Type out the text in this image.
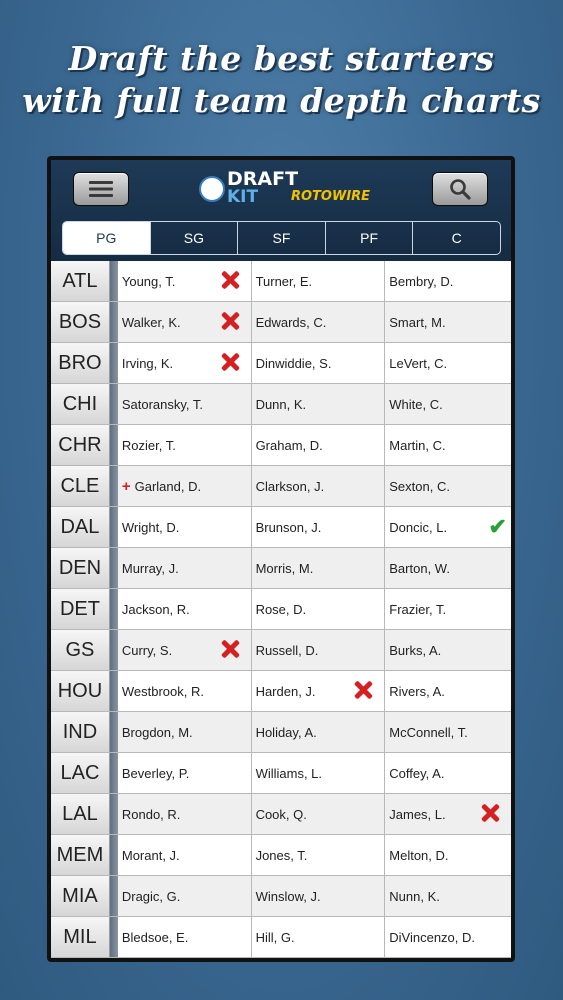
Draft the best starters
with full team depth charts
DRAFT
KIT	ROTOWIRE
PG	SG	SF	PF	C
ATL	Young, T.	Turner, E.	Bembry, D.
BOS	Walker, K.	Edwards, C.	Smart, M.
BRO	Irving, K.	Dinwiddie, S.	LeVert, C.
CHI	Satoransky, T.	Dunn, K.	White, C.
CHR	Rozier, T.	Graham, D.	Martin, C.
CLE	+ Garland, D.	Clarkson, J.	Sexton, C.
DAL	Wright, D.	Brunson, J.	Doncic, L. ✔
DEN	Murray, J.	Morris, M.	Barton, W.
DET	Jackson, R.	Rose, D.	Frazier, T.
GS	Curry, S.	Russell, D.	Burks, A.
HOU	Westbrook, R.	Harden, J.	Rivers, A.
IND	Brogdon, M.	Holiday, A.	McConnell, T.
LAC	Beverley, P.	Williams, L.	Coffey, A.
LAL	Rondo, R.	Cook, Q.	James, L.
MEM	Morant, J.	Jones, T.	Melton, D.
MIA	Dragic, G.	Winslow, J.	Nunn, K.
MIL	Bledsoe, E.	Hill, G.	DiVincenzo, D.
